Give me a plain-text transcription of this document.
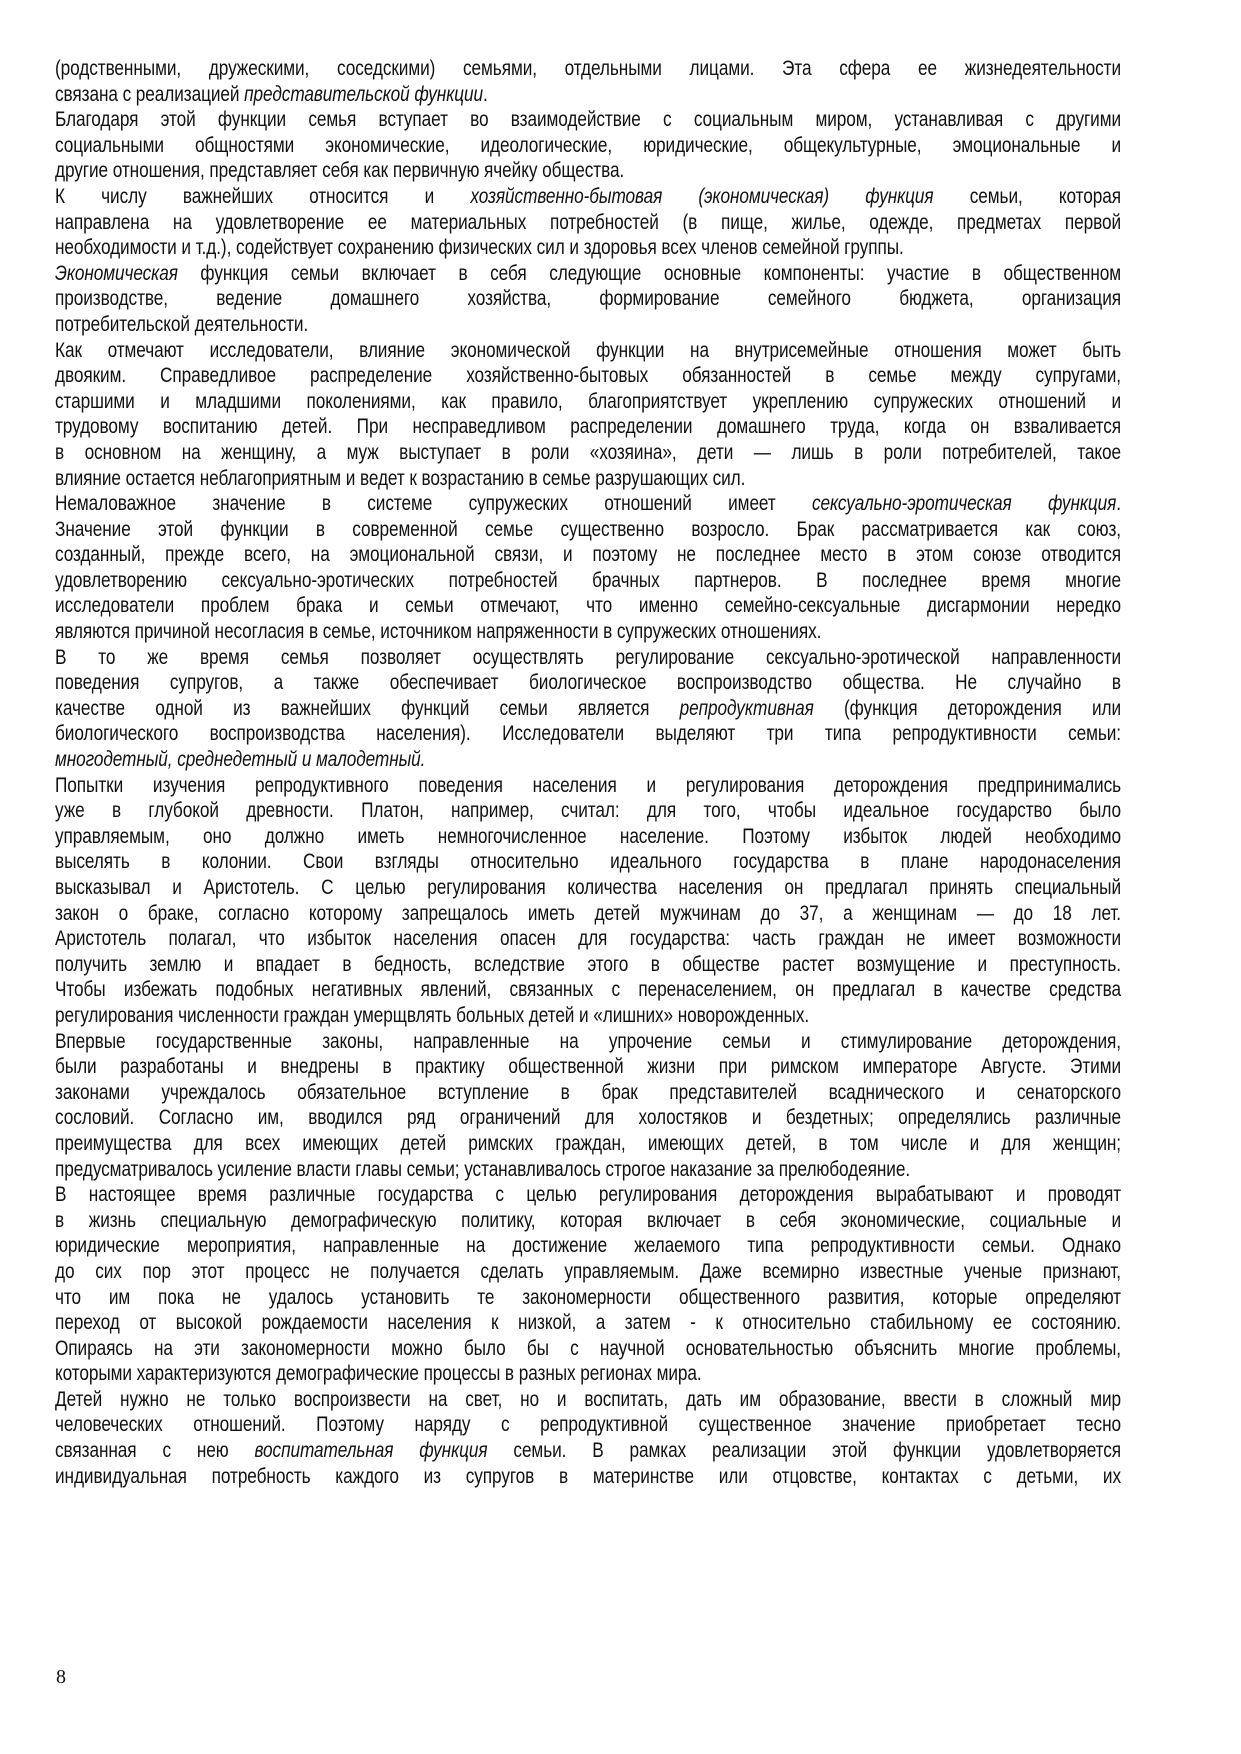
(родственными, дружескими, соседскими) семьями, отдельными лицами. Эта сфера ее жизнедеятельности
связана с реализацией представительской функции.
Благодаря этой функции семья вступает во взаимодействие с социальным миром, устанавливая с другими
социальными общностями экономические, идеологические, юридические, общекультурные, эмоциональные и
другие отношения, представляет себя как первичную ячейку общества.
К числу важнейших относится и хозяйственно-бытовая (экономическая) функция семьи, которая
направлена на удовлетворение ее материальных потребностей (в пище, жилье, одежде, предметах первой
необходимости и т.д.), содействует сохранению физических сил и здоровья всех членов семейной группы.
Экономическая функция семьи включает в себя следующие основные компоненты: участие в общественном
производстве, ведение домашнего хозяйства, формирование семейного бюджета, организация
потребительской деятельности.
Как отмечают исследователи, влияние экономической функции на внутрисемейные отношения может быть
двояким. Справедливое распределение хозяйственно-бытовых обязанностей в семье между супругами,
старшими и младшими поколениями, как правило, благоприятствует укреплению супружеских отношений и
трудовому воспитанию детей. При несправедливом распределении домашнего труда, когда он взваливается
в основном на женщину, а муж выступает в роли «хозяина», дети — лишь в роли потребителей, такое
влияние остается неблагоприятным и ведет к возрастанию в семье разрушающих сил.
Немаловажное значение в системе супружеских отношений имеет сексуально-эротическая функция.
Значение этой функции в современной семье существенно возросло. Брак рассматривается как союз,
созданный, прежде всего, на эмоциональной связи, и поэтому не последнее место в этом союзе отводится
удовлетворению сексуально-эротических потребностей брачных партнеров. В последнее время многие
исследователи проблем брака и семьи отмечают, что именно семейно-сексуальные дисгармонии нередко
являются причиной несогласия в семье, источником напряженности в супружеских отношениях.
В то же время семья позволяет осуществлять регулирование сексуально-эротической направленности
поведения супругов, а также обеспечивает биологическое воспроизводство общества. Не случайно в
качестве одной из важнейших функций семьи является репродуктивная (функция деторождения или
биологического воспроизводства населения). Исследователи выделяют три типа репродуктивности семьи:
многодетный, среднедетный и малодетный.
Попытки изучения репродуктивного поведения населения и регулирования деторождения предпринимались
уже в глубокой древности. Платон, например, считал: для того, чтобы идеальное государство было
управляемым, оно должно иметь немногочисленное население. Поэтому избыток людей необходимо
выселять в колонии. Свои взгляды относительно идеального государства в плане народонаселения
высказывал и Аристотель. С целью регулирования количества населения он предлагал принять специальный
закон о браке, согласно которому запрещалось иметь детей мужчинам до 37, а женщинам — до 18 лет.
Аристотель полагал, что избыток населения опасен для государства: часть граждан не имеет возможности
получить землю и впадает в бедность, вследствие этого в обществе растет возмущение и преступность.
Чтобы избежать подобных негативных явлений, связанных с перенаселением, он предлагал в качестве средства
регулирования численности граждан умерщвлять больных детей и «лишних» новорожденных.
Впервые государственные законы, направленные на упрочение семьи и стимулирование деторождения,
были разработаны и внедрены в практику общественной жизни при римском императоре Августе. Этими
законами учреждалось обязательное вступление в брак представителей всаднического и сенаторского
сословий. Согласно им, вводился ряд ограничений для холостяков и бездетных; определялись различные
преимущества для всех имеющих детей римских граждан, имеющих детей, в том числе и для женщин;
предусматривалось усиление власти главы семьи; устанавливалось строгое наказание за прелюбодеяние.
В настоящее время различные государства с целью регулирования деторождения вырабатывают и проводят
в жизнь специальную демографическую политику, которая включает в себя экономические, социальные и
юридические мероприятия, направленные на достижение желаемого типа репродуктивности семьи. Однако
до сих пор этот процесс не получается сделать управляемым. Даже всемирно известные ученые признают,
что им пока не удалось установить те закономерности общественного развития, которые определяют
переход от высокой рождаемости населения к низкой, а затем - к относительно стабильному ее состоянию.
Опираясь на эти закономерности можно было бы с научной основательностью объяснить многие проблемы,
которыми характеризуются демографические процессы в разных регионах мира.
Детей нужно не только воспроизвести на свет, но и воспитать, дать им образование, ввести в сложный мир
человеческих отношений. Поэтому наряду с репродуктивной существенное значение приобретает тесно
связанная с нею воспитательная функция семьи. В рамках реализации этой функции удовлетворяется
индивидуальная потребность каждого из супругов в материнстве или отцовстве, контактах с детьми, их
8
